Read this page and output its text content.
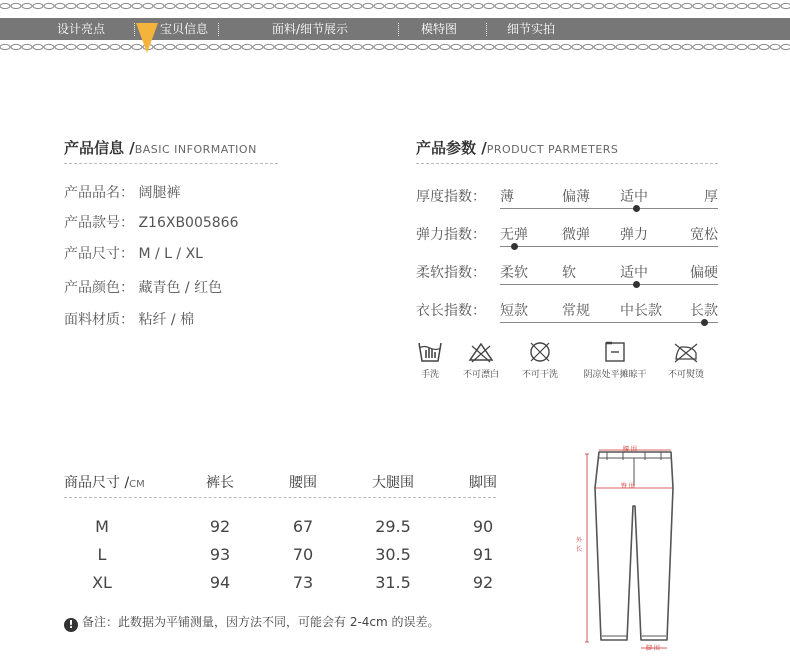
设计亮点	宝贝信息	面料/细节展示	模特图	细节实拍
产品信息 /BASIC INFORMATION
产品品名： 阔腿裤
产品款号： Z16XB005866
产品尺寸： M / L / XL
产品颜色： 藏青色 / 红色
面料材质： 粘纤 / 棉
产品参数 /PRODUCT PARMETERS
厚度指数： 薄	偏薄 适中	厚
弹力指数： 无弹 微弹 弹力	宽松
柔软指数： 柔软 软	适中	偏硬
衣长指数： 短款 常规 中长款 长款
手洗	不可漂白	不可干洗	阴凉处平摊晾干	不可熨烫
商品尺寸 /CM	裤长	腰围	大腿围	脚围
M	92	67	29.5	90
L	93	70	30.5	91
XL	94	73	31.5	92
! 备注：此数据为平铺测量，因方法不同，可能会有 2-4cm 的误差。
腰 围
臀 围
外 长
脚 围
